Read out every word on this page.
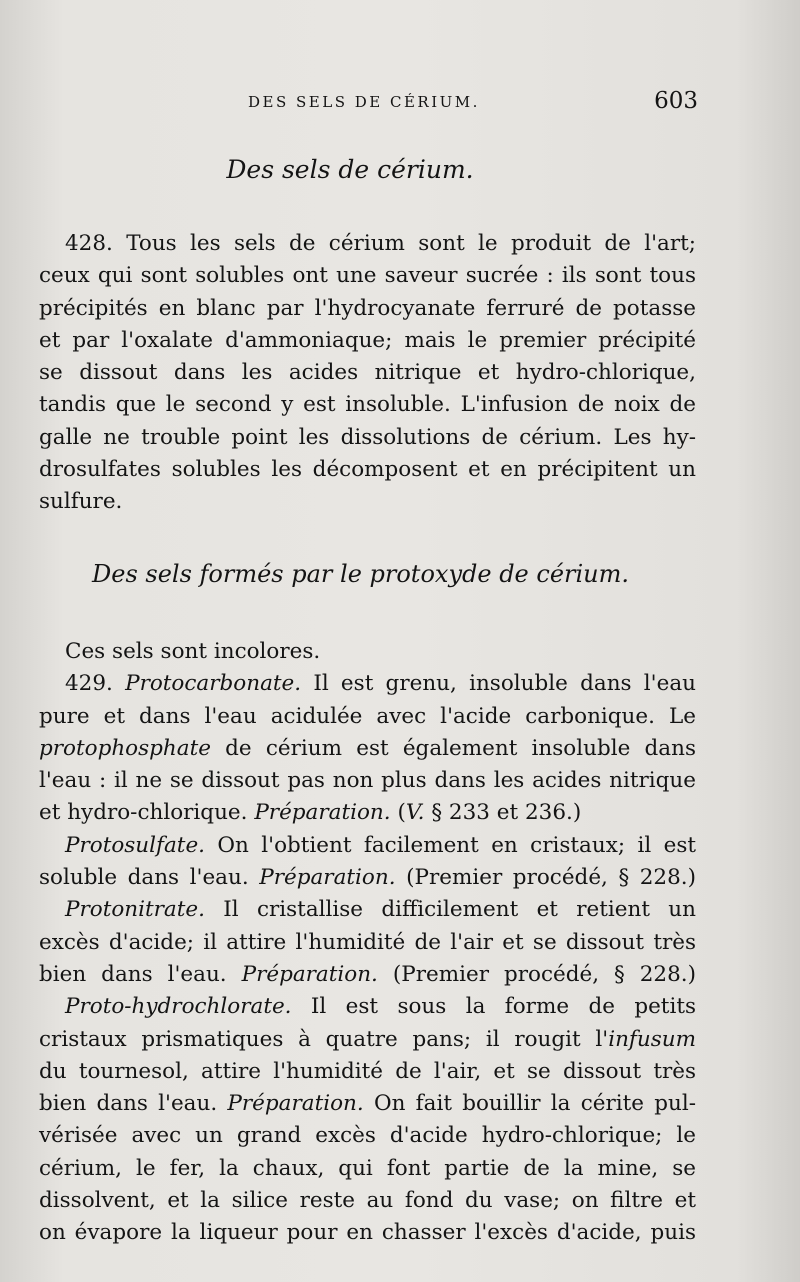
DES SELS DE CÉRIUM.	603
Des sels de cérium.
428. Tous les sels de cérium sont le produit de l'art;
ceux qui sont solubles ont une saveur sucrée : ils sont tous
précipités en blanc par l'hydrocyanate ferruré de potasse
et par l'oxalate d'ammoniaque; mais le premier précipité
se dissout dans les acides nitrique et hydro-chlorique,
tandis que le second y est insoluble. L'infusion de noix de
galle ne trouble point les dissolutions de cérium. Les hy-
drosulfates solubles les décomposent et en précipitent un
sulfure.
Des sels formés par le protoxyde de cérium.
Ces sels sont incolores.
429. Protocarbonate. Il est grenu, insoluble dans l'eau
pure et dans l'eau acidulée avec l'acide carbonique. Le
protophosphate de cérium est également insoluble dans
l'eau : il ne se dissout pas non plus dans les acides nitrique
et hydro-chlorique. Préparation. (V. § 233 et 236.)
Protosulfate. On l'obtient facilement en cristaux; il est
soluble dans l'eau. Préparation. (Premier procédé, § 228.)
Protonitrate. Il cristallise difficilement et retient un
excès d'acide; il attire l'humidité de l'air et se dissout très
bien dans l'eau. Préparation. (Premier procédé, § 228.)
Proto-hydrochlorate. Il est sous la forme de petits
cristaux prismatiques à quatre pans; il rougit l'infusum
du tournesol, attire l'humidité de l'air, et se dissout très
bien dans l'eau. Préparation. On fait bouillir la cérite pul-
vérisée avec un grand excès d'acide hydro-chlorique; le
cérium, le fer, la chaux, qui font partie de la mine, se
dissolvent, et la silice reste au fond du vase; on filtre et
on évapore la liqueur pour en chasser l'excès d'acide, puis
